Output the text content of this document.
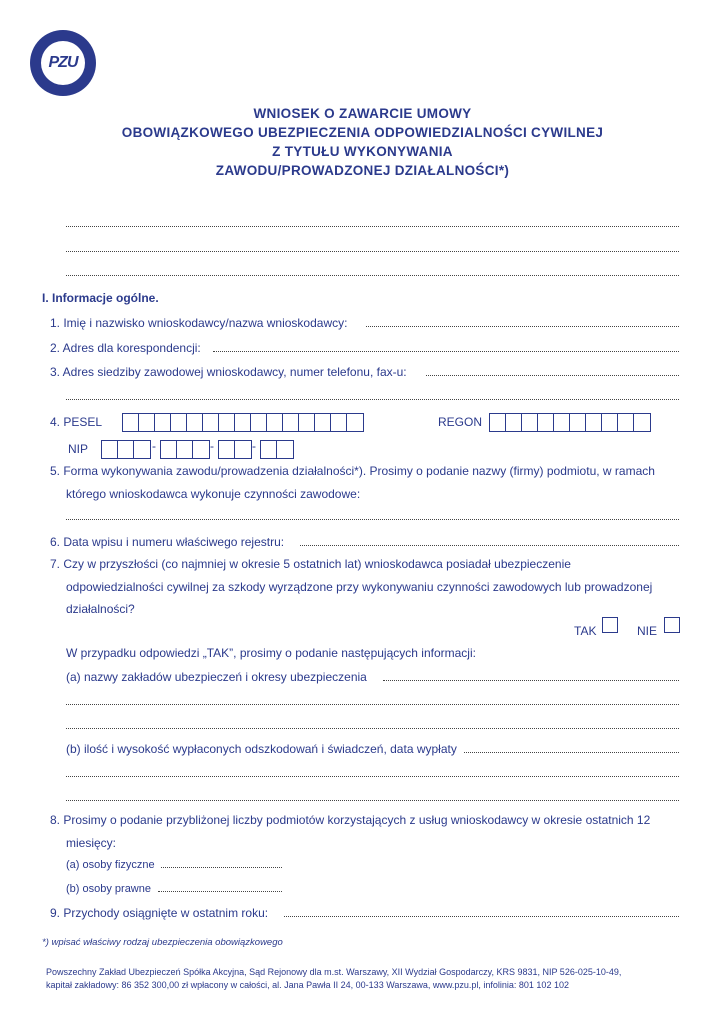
PZU
WNIOSEK O ZAWARCIE UMOWY
OBOWIĄZKOWEGO UBEZPIECZENIA ODPOWIEDZIALNOŚCI CYWILNEJ
Z TYTUŁU WYKONYWANIA
ZAWODU/PROWADZONEJ DZIAŁALNOŚCI*)
I. Informacje ogólne.
1. Imię i nazwisko wnioskodawcy/nazwa wnioskodawcy:
2. Adres dla korespondencji:
3. Adres siedziby zawodowej wnioskodawcy, numer telefonu, fax-u:
4. PESEL	REGON
NIP	-	-	-
5. Forma wykonywania zawodu/prowadzenia działalności*). Prosimy o podanie nazwy (firmy) podmiotu, w ramach
którego wnioskodawca wykonuje czynności zawodowe:
6. Data wpisu i numeru właściwego rejestru:
7. Czy w przyszłości (co najmniej w okresie 5 ostatnich lat) wnioskodawca posiadał ubezpieczenie
odpowiedzialności cywilnej za szkody wyrządzone przy wykonywaniu czynności zawodowych lub prowadzonej
działalności?
TAK	NIE
W przypadku odpowiedzi „TAK”, prosimy o podanie następujących informacji:
(a) nazwy zakładów ubezpieczeń i okresy ubezpieczenia
(b) ilość i wysokość wypłaconych odszkodowań i świadczeń, data wypłaty
8. Prosimy o podanie przybliżonej liczby podmiotów korzystających z usług wnioskodawcy w okresie ostatnich 12
miesięcy:
(a) osoby fizyczne
(b) osoby prawne
9. Przychody osiągnięte w ostatnim roku:
*) wpisać właściwy rodzaj ubezpieczenia obowiązkowego
Powszechny Zakład Ubezpieczeń Spółka Akcyjna, Sąd Rejonowy dla m.st. Warszawy, XII Wydział Gospodarczy, KRS 9831, NIP 526-025-10-49,
kapitał zakładowy: 86 352 300,00 zł wpłacony w całości, al. Jana Pawła II 24, 00-133 Warszawa, www.pzu.pl, infolinia: 801 102 102
